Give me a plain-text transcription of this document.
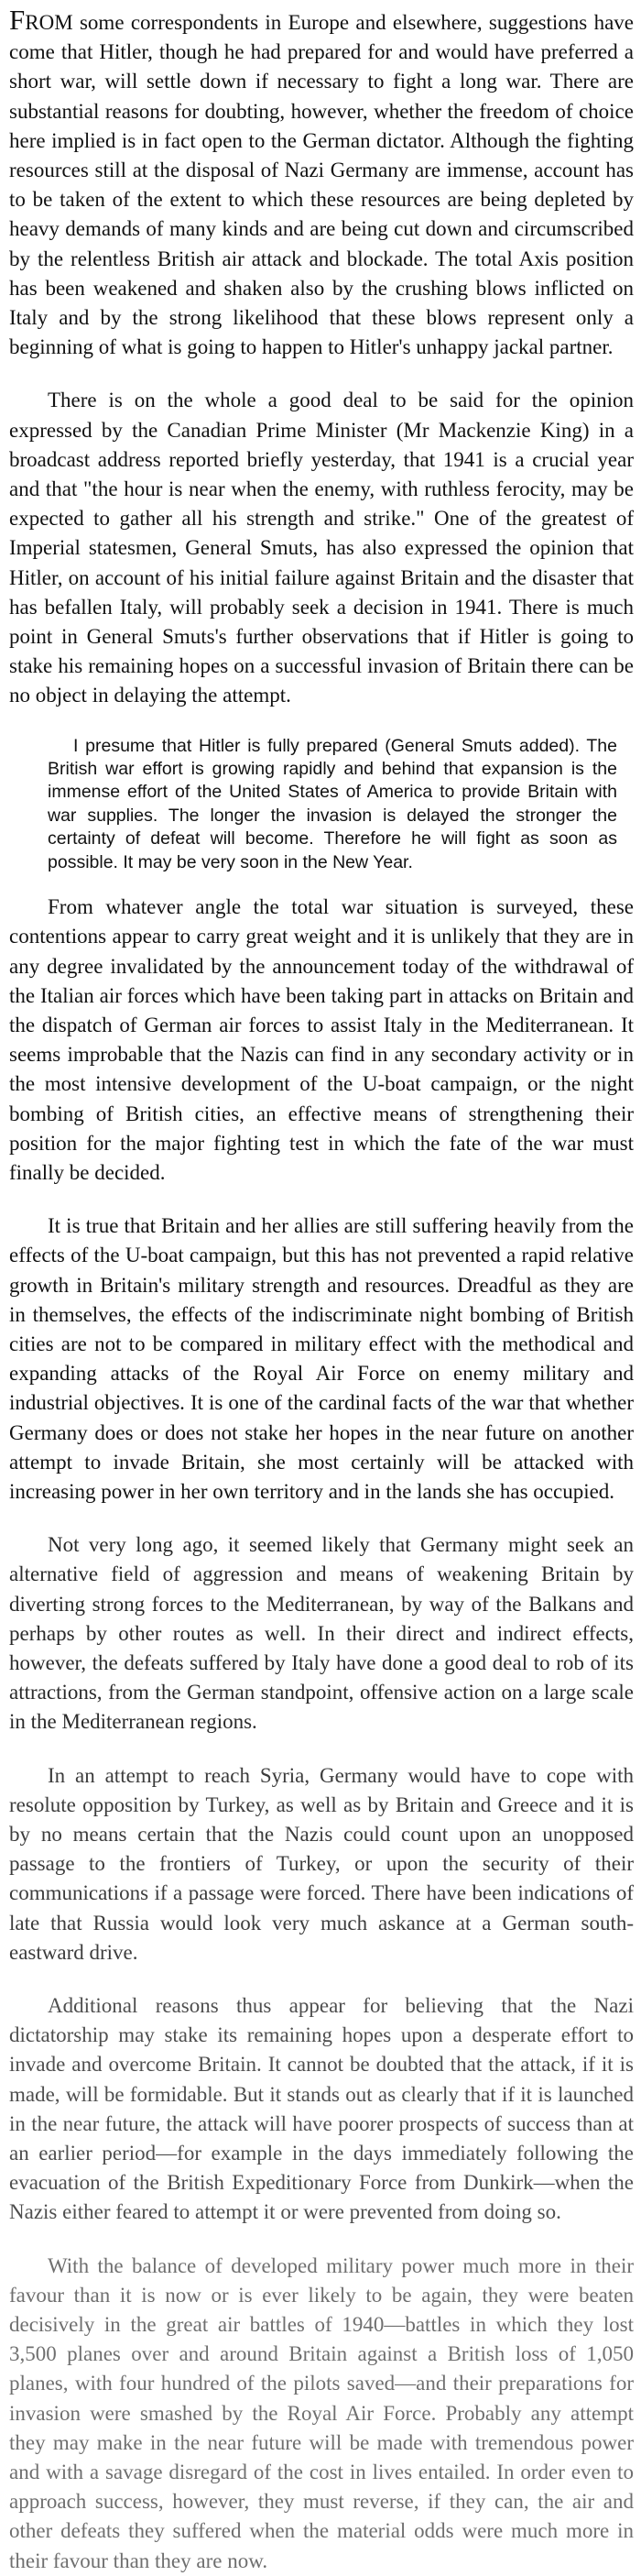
FROM some correspondents in Europe and elsewhere, suggestions have come that Hitler, though he had prepared for and would have preferred a short war, will settle down if necessary to fight a long war. There are substantial reasons for doubting, however, whether the freedom of choice here implied is in fact open to the German dictator. Although the fighting resources still at the disposal of Nazi Germany are immense, account has to be taken of the extent to which these resources are being depleted by heavy demands of many kinds and are being cut down and circumscribed by the relentless British air attack and blockade. The total Axis position has been weakened and shaken also by the crushing blows inflicted on Italy and by the strong likelihood that these blows represent only a beginning of what is going to happen to Hitler's unhappy jackal partner.

There is on the whole a good deal to be said for the opinion expressed by the Canadian Prime Minister (Mr Mackenzie King) in a broadcast address reported briefly yesterday, that 1941 is a crucial year and that "the hour is near when the enemy, with ruthless ferocity, may be expected to gather all his strength and strike." One of the greatest of Imperial statesmen, General Smuts, has also expressed the opinion that Hitler, on account of his initial failure against Britain and the disaster that has befallen Italy, will probably seek a decision in 1941. There is much point in General Smuts's further observations that if Hitler is going to stake his remaining hopes on a successful invasion of Britain there can be no object in delaying the attempt.

I presume that Hitler is fully prepared (General Smuts added). The British war effort is growing rapidly and behind that expansion is the immense effort of the United States of America to provide Britain with war supplies. The longer the invasion is delayed the stronger the certainty of defeat will become. Therefore he will fight as soon as possible. It may be very soon in the New Year.

From whatever angle the total war situation is surveyed, these contentions appear to carry great weight and it is unlikely that they are in any degree invalidated by the announcement today of the withdrawal of the Italian air forces which have been taking part in attacks on Britain and the dispatch of German air forces to assist Italy in the Mediterranean. It seems improbable that the Nazis can find in any secondary activity or in the most intensive development of the U-boat campaign, or the night bombing of British cities, an effective means of strengthening their position for the major fighting test in which the fate of the war must finally be decided.

It is true that Britain and her allies are still suffering heavily from the effects of the U-boat campaign, but this has not prevented a rapid relative growth in Britain's military strength and resources. Dreadful as they are in themselves, the effects of the indiscriminate night bombing of British cities are not to be compared in military effect with the methodical and expanding attacks of the Royal Air Force on enemy military and industrial objectives. It is one of the cardinal facts of the war that whether Germany does or does not stake her hopes in the near future on another attempt to invade Britain, she most certainly will be attacked with increasing power in her own territory and in the lands she has occupied.

Not very long ago, it seemed likely that Germany might seek an alternative field of aggression and means of weakening Britain by diverting strong forces to the Mediterranean, by way of the Balkans and perhaps by other routes as well. In their direct and indirect effects, however, the defeats suffered by Italy have done a good deal to rob of its attractions, from the German standpoint, offensive action on a large scale in the Mediterranean regions.

In an attempt to reach Syria, Germany would have to cope with resolute opposition by Turkey, as well as by Britain and Greece and it is by no means certain that the Nazis could count upon an unopposed passage to the frontiers of Turkey, or upon the security of their communications if a passage were forced. There have been indications of late that Russia would look very much askance at a German south-eastward drive.

Additional reasons thus appear for believing that the Nazi dictatorship may stake its remaining hopes upon a desperate effort to invade and overcome Britain. It cannot be doubted that the attack, if it is made, will be formidable. But it stands out as clearly that if it is launched in the near future, the attack will have poorer prospects of success than at an earlier period—for example in the days immediately following the evacuation of the British Expeditionary Force from Dunkirk—when the Nazis either feared to attempt it or were prevented from doing so.

With the balance of developed military power much more in their favour than it is now or is ever likely to be again, they were beaten decisively in the great air battles of 1940—battles in which they lost 3,500 planes over and around Britain against a British loss of 1,050 planes, with four hundred of the pilots saved—and their preparations for invasion were smashed by the Royal Air Force. Probably any attempt they may make in the near future will be made with tremendous power and with a savage disregard of the cost in lives entailed. In order even to approach success, however, they must reverse, if they can, the air and other defeats they suffered when the material odds were much more in their favour than they are now.
